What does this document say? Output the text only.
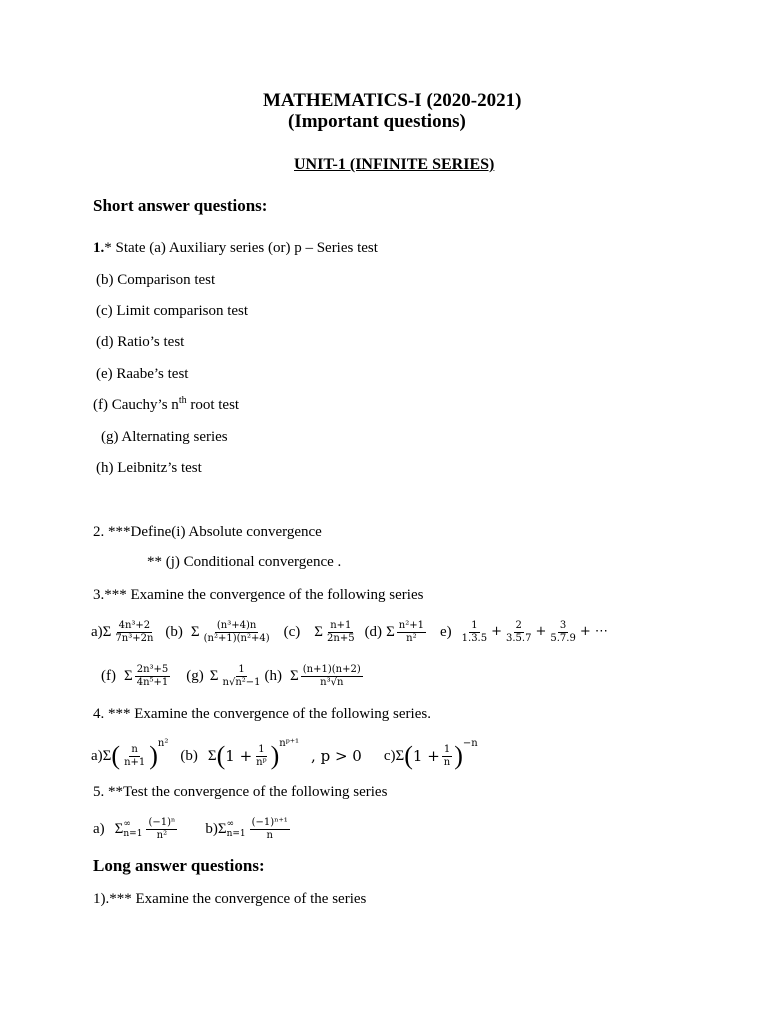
MATHEMATICS-I (2020-2021)
(Important questions)
UNIT-1 (INFINITE SERIES)
Short answer questions:
1.* State (a) Auxiliary series (or) p – Series test
(b) Comparison test
(c) Limit comparison test
(d) Ratio’s test
(e) Raabe’s test
(f) Cauchy’s $n^{th}$ root test
(g) Alternating series
(h) Leibnitz’s test
2. ***Define(i) Absolute convergence
** (j) Conditional convergence .
3.*** Examine the convergence of the following series
a) Σ $\frac{\text{4n³+2}}{\text{7n³+2n}} (b)$ Σ $\frac{\text{(n³+4)n}}{\text{(n²+1)(n²+4)}} (c)$ Σ $\frac{n+1}{2n+5} (d)$ Σ $\frac{\text{n²+1}}{\text{n²}} e) \frac{1}{1.3.5} + \frac{2}{3.5.7} + \frac{3}{5.7.9}$ + ⋯
(f) Σ $\frac{\text{2n³+5}}{\text{4n⁵+1}} (g)$ Σ $\frac{1}{\text{n√n²−1}} (h)$ Σ $\frac{(n+1)(n+2)}{\text{n³√n}}$
4. *** Examine the convergence of the following series.
a) Σ ( $\frac{n}{n+1}$ ) n²
(b) Σ ( $1 + \frac{1}{\text{nᵖ}}$ ) nᵖ⁺¹
, p > 0 c) Σ ( $1 + \frac{1}{n}$ ) −n
5. **Test the convergence of the following series
a) Σ ∞
$n=1 \frac{\text{(−1)ⁿ}}{\text{n²}} b$) Σ ∞
$n=1 \frac{\text{(−1)ⁿ⁺¹}}{n}$
Long answer questions:
1).*** Examine the convergence of the series
